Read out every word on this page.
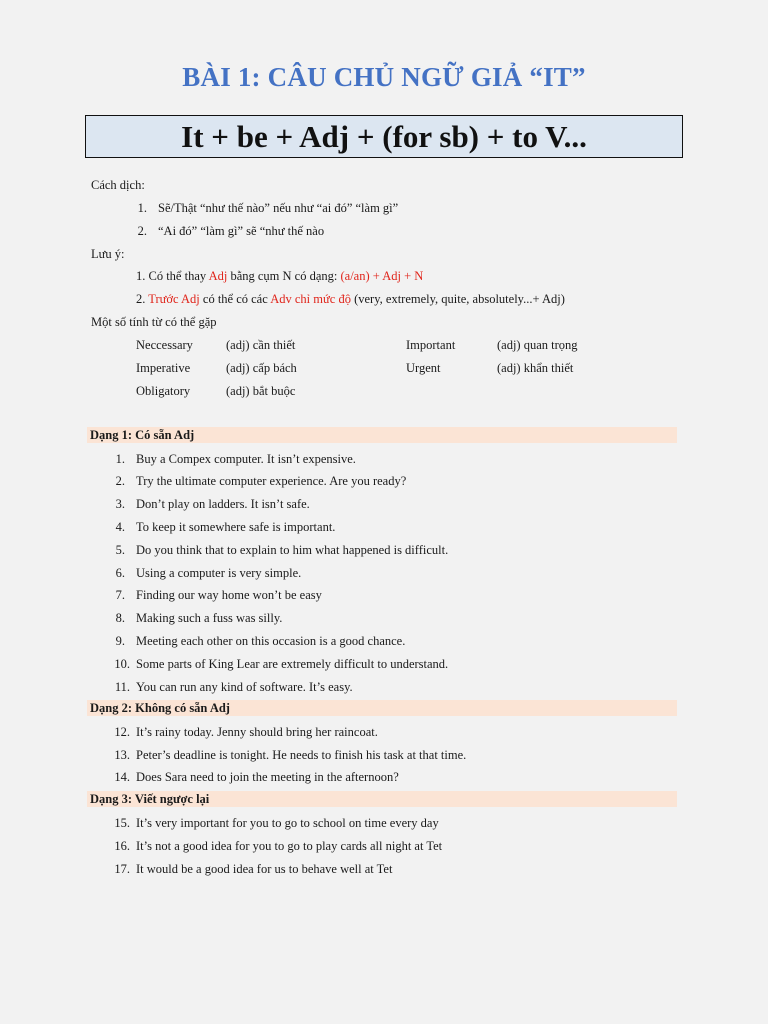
BÀI 1: CÂU CHỦ NGỮ GIẢ “IT”
It + be + Adj + (for sb) + to V...
Cách dịch:
1. Sẽ/Thật “như thế nào” nếu như “ai đó” “làm gì”
2. “Ai đó” “làm gì” sẽ “như thế nào
Lưu ý:
1. Có thể thay Adj bằng cụm N có dạng: (a/an) + Adj + N
2. Trước Adj có thể có các Adv chỉ mức độ (very, extremely, quite, absolutely...+ Adj)
Một số tính từ có thể gặp
Neccessary	(adj) cần thiết	Important	(adj) quan trọng
Imperative	(adj) cấp bách	Urgent	(adj) khẩn thiết
Obligatory	(adj) bắt buộc
Dạng 1: Có sẵn Adj
Dạng 2: Không có sẵn Adj
Dạng 3: Viết ngược lại
1. Buy a Compex computer. It isn’t expensive.
2. Try the ultimate computer experience. Are you ready?
3. Don’t play on ladders. It isn’t safe.
4. To keep it somewhere safe is important.
5. Do you think that to explain to him what happened is difficult.
6. Using a computer is very simple.
7. Finding our way home won’t be easy
8. Making such a fuss was silly.
9. Meeting each other on this occasion is a good chance.
10. Some parts of King Lear are extremely difficult to understand.
11. You can run any kind of software. It’s easy.
12. It’s rainy today. Jenny should bring her raincoat.
13. Peter’s deadline is tonight. He needs to finish his task at that time.
14. Does Sara need to join the meeting in the afternoon?
15. It’s very important for you to go to school on time every day
16. It’s not a good idea for you to go to play cards all night at Tet
17. It would be a good idea for us to behave well at Tet
